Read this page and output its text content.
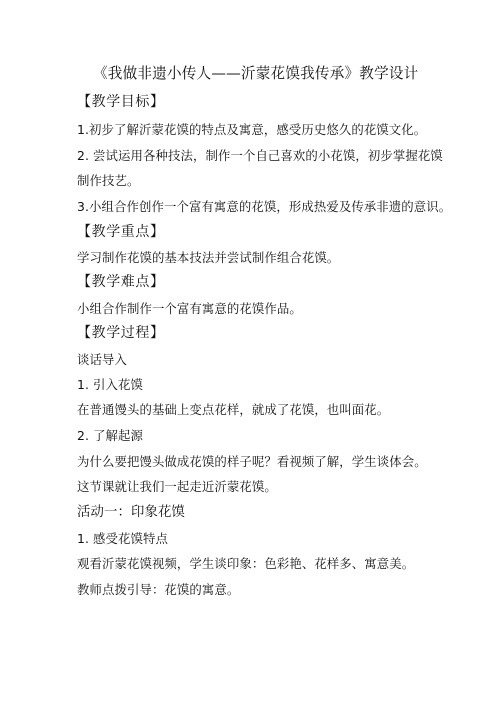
《我做非遗小传人——沂蒙花馍我传承》教学设计
【教学目标】
1.初步了解沂蒙花馍的特点及寓意，感受历史悠久的花馍文化。
2. 尝试运用各种技法，制作一个自己喜欢的小花馍，初步掌握花馍
制作技艺。
3.小组合作创作一个富有寓意的花馍，形成热爱及传承非遗的意识。
【教学重点】
学习制作花馍的基本技法并尝试制作组合花馍。
【教学难点】
小组合作制作一个富有寓意的花馍作品。
【教学过程】
谈话导入
1. 引入花馍
在普通馒头的基础上变点花样，就成了花馍，也叫面花。
2. 了解起源
为什么要把馒头做成花馍的样子呢？看视频了解，学生谈体会。
这节课就让我们一起走近沂蒙花馍。
活动一：印象花馍
1. 感受花馍特点
观看沂蒙花馍视频，学生谈印象：色彩艳、花样多、寓意美。
教师点拨引导：花馍的寓意。
